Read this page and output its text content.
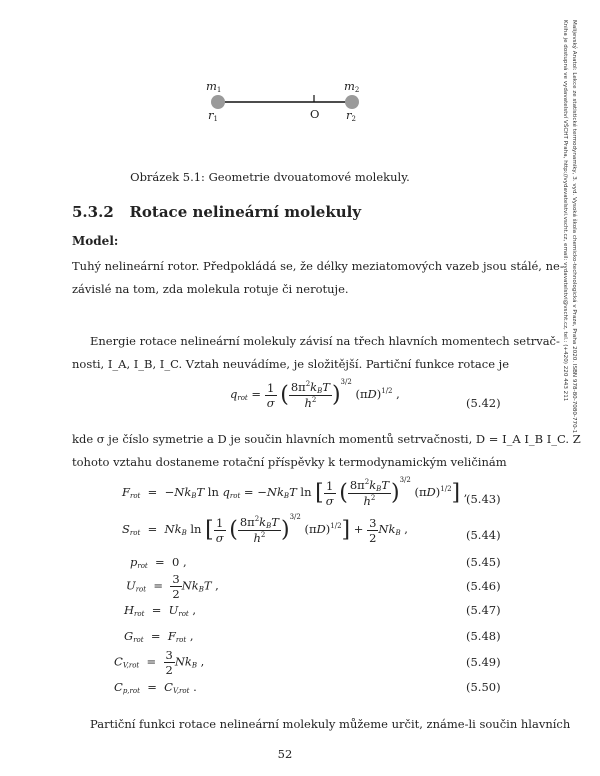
$m_1$	$m_2$
$r_1$	O $r_2$
Obrázek 5.1: Geometrie dvouatomové molekuly.
5.3.2 Rotace nelineární molekuly
Model:
Tuhý nelineární rotor. Předpokládá se, že délky meziatomových vazeb jsou stálé, ne-
závislé na tom, zda molekula rotuje či nerotuje.
Energie rotace nelineární molekuly závisí na třech hlavních momentech setrvač-
nosti, I_A, I_B, I_C. Vztah neuvádíme, je složitější. Partiční funkce rotace je
$q_{rot} = \frac{1}{\sigma}$ ( $\frac{8\pi^2k_BT}{h^2} )^{3/2}$ $(\pi D)^{1/2}$ ,
(5.42)
kde σ je číslo symetrie a D je součin hlavních momentů setrvačnosti, D = I_A I_B I_C. Z
tohoto vztahu dostaneme rotační příspěvky k termodynamickým veličinám
$F_{rot} = -Nk_BT$ $\ln q_{rot} = -Nk_BT$ ln [ $\frac{1}{\sigma}$ ( $\frac{8\pi^2k_BT}{h^2} )^{3/2}$ $(\pi D)^{1/2}$] ,
(5.43)
$S_{rot} = Nk_B$ ln [ $\frac{1}{\sigma}$ ( $\frac{8\pi^2k_BT}{h^2} )^{3/2}$ $(\pi D)^{1/2}] + \frac{3}{2} Nk_B$ ,	(5.44)
$p_{rot} = 0$ ,	(5.45)
$U_{rot} = \frac{3}{2} Nk_BT$ ,	(5.46)
$H_{rot} = U_{rot}$ ,	(5.47)
$G_{rot} = F_{rot}$ ,	(5.48)
$C_{V,rot} = \frac{3}{2} Nk_B$ ,	(5.49)
$C_{p,rot} = C_{V,rot}$ .	(5.50)
Partiční funkci rotace nelineární molekuly můžeme určit, známe-li součin hlavních
52
Malijevský Anatol: Lekce ze statistické termodynamiky, 3. vyd. Vysoká škola chemicko-technologická v Praze, Praha 2020. ISBN 978-80-7080-770-1
Kniha je dostupná ve vydavatelství VŠCHT Praha, http://vydavatelstvi.vscht.cz, email: vydavatelstvi@vscht.cz, tel.: (+420) 220 443 211
